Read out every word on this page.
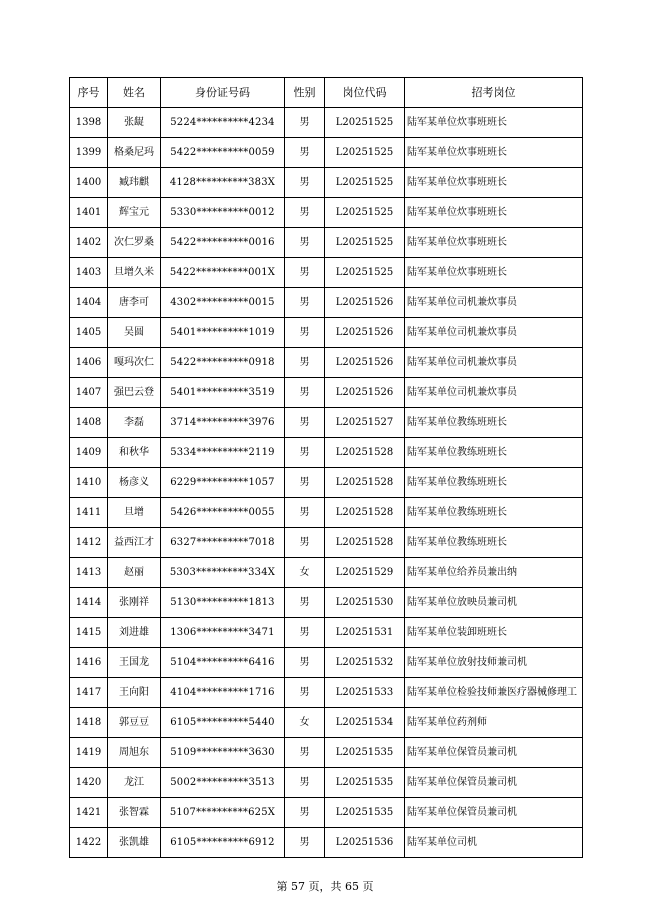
序号	姓名	身份证号码	性别	岗位代码	招考岗位
1398	张龊	5224**********4234	男	L20251525	陆军某单位炊事班班长
1399	格桑尼玛	5422**********0059	男	L20251525	陆军某单位炊事班班长
1400	臧玮麒	4128**********383X	男	L20251525	陆军某单位炊事班班长
1401	辉宝元	5330**********0012	男	L20251525	陆军某单位炊事班班长
1402	次仁罗桑	5422**********0016	男	L20251525	陆军某单位炊事班班长
1403	旦增久米	5422**********001X	男	L20251525	陆军某单位炊事班班长
1404	唐李可	4302**********0015	男	L20251526	陆军某单位司机兼炊事员
1405	吴圆	5401**********1019	男	L20251526	陆军某单位司机兼炊事员
1406	嘎玛次仁	5422**********0918	男	L20251526	陆军某单位司机兼炊事员
1407	强巴云登	5401**********3519	男	L20251526	陆军某单位司机兼炊事员
1408	李磊	3714**********3976	男	L20251527	陆军某单位教练班班长
1409	和秋华	5334**********2119	男	L20251528	陆军某单位教练班班长
1410	杨彦义	6229**********1057	男	L20251528	陆军某单位教练班班长
1411	旦增	5426**********0055	男	L20251528	陆军某单位教练班班长
1412	益西江才	6327**********7018	男	L20251528	陆军某单位教练班班长
1413	赵丽	5303**********334X	女	L20251529	陆军某单位给养员兼出纳
1414	张刚祥	5130**********1813	男	L20251530	陆军某单位放映员兼司机
1415	刘进雄	1306**********3471	男	L20251531	陆军某单位装卸班班长
1416	王国龙	5104**********6416	男	L20251532	陆军某单位放射技师兼司机
1417	王向阳	4104**********1716	男	L20251533	陆军某单位检验技师兼医疗器械修理工
1418	郭豆豆	6105**********5440	女	L20251534	陆军某单位药剂师
1419	周旭东	5109**********3630	男	L20251535	陆军某单位保管员兼司机
1420	龙江	5002**********3513	男	L20251535	陆军某单位保管员兼司机
1421	张智霖	5107**********625X	男	L20251535	陆军某单位保管员兼司机
1422	张凯雄	6105**********6912	男	L20251536	陆军某单位司机
第 57 页，共 65 页
